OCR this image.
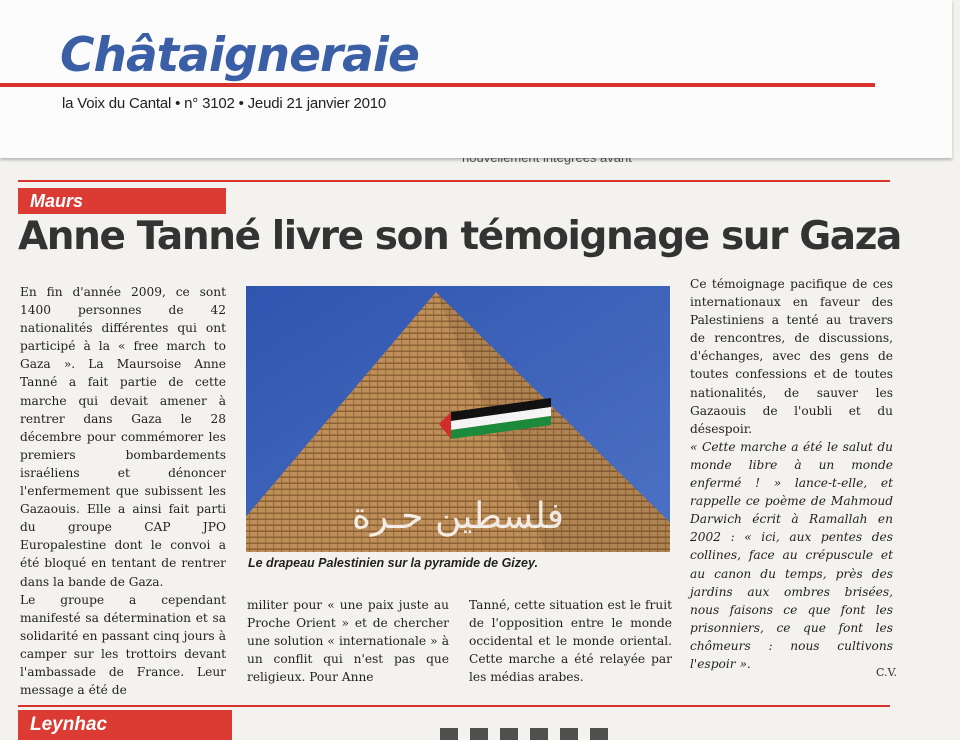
Châtaigneraie
la Voix du Cantal • n° 3102 • Jeudi 21 janvier 2010
Maurs
Anne Tanné livre son témoignage sur Gaza

En fin d'année 2009, ce sont 1400 personnes de 42 nationalités différentes qui ont participé à la « free march to Gaza ». La Maursoise Anne Tanné a fait partie de cette marche qui devait amener à rentrer dans Gaza le 28 décembre pour commémorer les premiers bombardements israéliens et dénoncer l'enfermement que subissent les Gazaouis. Elle a ainsi fait parti du groupe CAP JPO Europalestine dont le convoi a été bloqué en tentant de rentrer dans la bande de Gaza.

Le groupe a cependant manifesté sa détermination et sa solidarité en passant cinq jours à camper sur les trottoirs devant l'ambassade de France. Leur message a été de

فلسطين حـرة
Le drapeau Palestinien sur la pyramide de Gizey.
militer pour « une paix juste au Proche Orient » et de chercher une solution « internationale » à un conflit qui n'est pas que religieux. Pour Anne
Tanné, cette situation est le fruit de l'opposition entre le monde occidental et le monde oriental. Cette marche a été relayée par les médias arabes.

Ce témoignage pacifique de ces internationaux en faveur des Palestiniens a tenté au travers de rencontres, de discussions, d'échanges, avec des gens de toutes confessions et de toutes nationalités, de sauver les Gazaouis de l'oubli et du désespoir.

« Cette marche a été le salut du monde libre à un monde enfermé ! » lance-t-elle, et rappelle ce poème de Mahmoud Darwich écrit à Ramallah en 2002 : « ici, aux pentes des collines, face au crépuscule et au canon du temps, près des jardins aux ombres brisées, nous faisons ce que font les prisonniers, ce que font les chômeurs : nous cultivons l'espoir ».

C.V.
Leynhac
